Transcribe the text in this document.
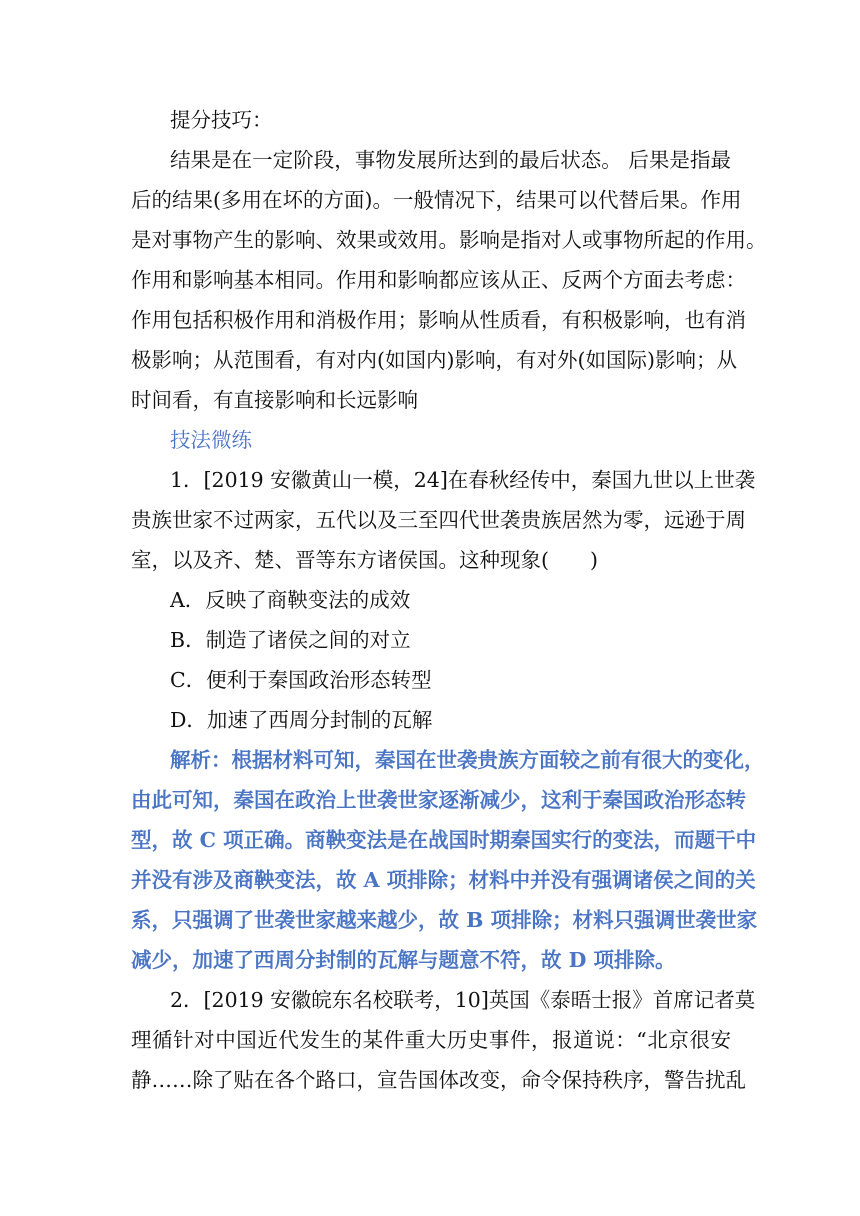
提分技巧：
结果是在一定阶段，事物发展所达到的最后状态。 后果是指最
后的结果(多用在坏的方面)。一般情况下，结果可以代替后果。作用
是对事物产生的影响、效果或效用。影响是指对人或事物所起的作用。
作用和影响基本相同。作用和影响都应该从正、反两个方面去考虑：
作用包括积极作用和消极作用；影响从性质看，有积极影响，也有消
极影响；从范围看，有对内(如国内)影响，有对外(如国际)影响；从
时间看，有直接影响和长远影响
技法微练
1．[2019 安徽黄山一模，24]在春秋经传中，秦国九世以上世袭
贵族世家不过两家，五代以及三至四代世袭贵族居然为零，远逊于周
室，以及齐、楚、晋等东方诸侯国。这种现象(　　)
A．反映了商鞅变法的成效
B．制造了诸侯之间的对立
C．便利于秦国政治形态转型
D．加速了西周分封制的瓦解
解析：根据材料可知，秦国在世袭贵族方面较之前有很大的变化，
由此可知，秦国在政治上世袭世家逐渐减少，这利于秦国政治形态转
型，故 C 项正确。商鞅变法是在战国时期秦国实行的变法，而题干中
并没有涉及商鞅变法，故 A 项排除；材料中并没有强调诸侯之间的关
系，只强调了世袭世家越来越少，故 B 项排除；材料只强调世袭世家
减少，加速了西周分封制的瓦解与题意不符，故 D 项排除。
2．[2019 安徽皖东名校联考，10]英国《泰晤士报》首席记者莫
理循针对中国近代发生的某件重大历史事件，报道说：“北京很安
静……除了贴在各个路口，宣告国体改变，命令保持秩序，警告扰乱
